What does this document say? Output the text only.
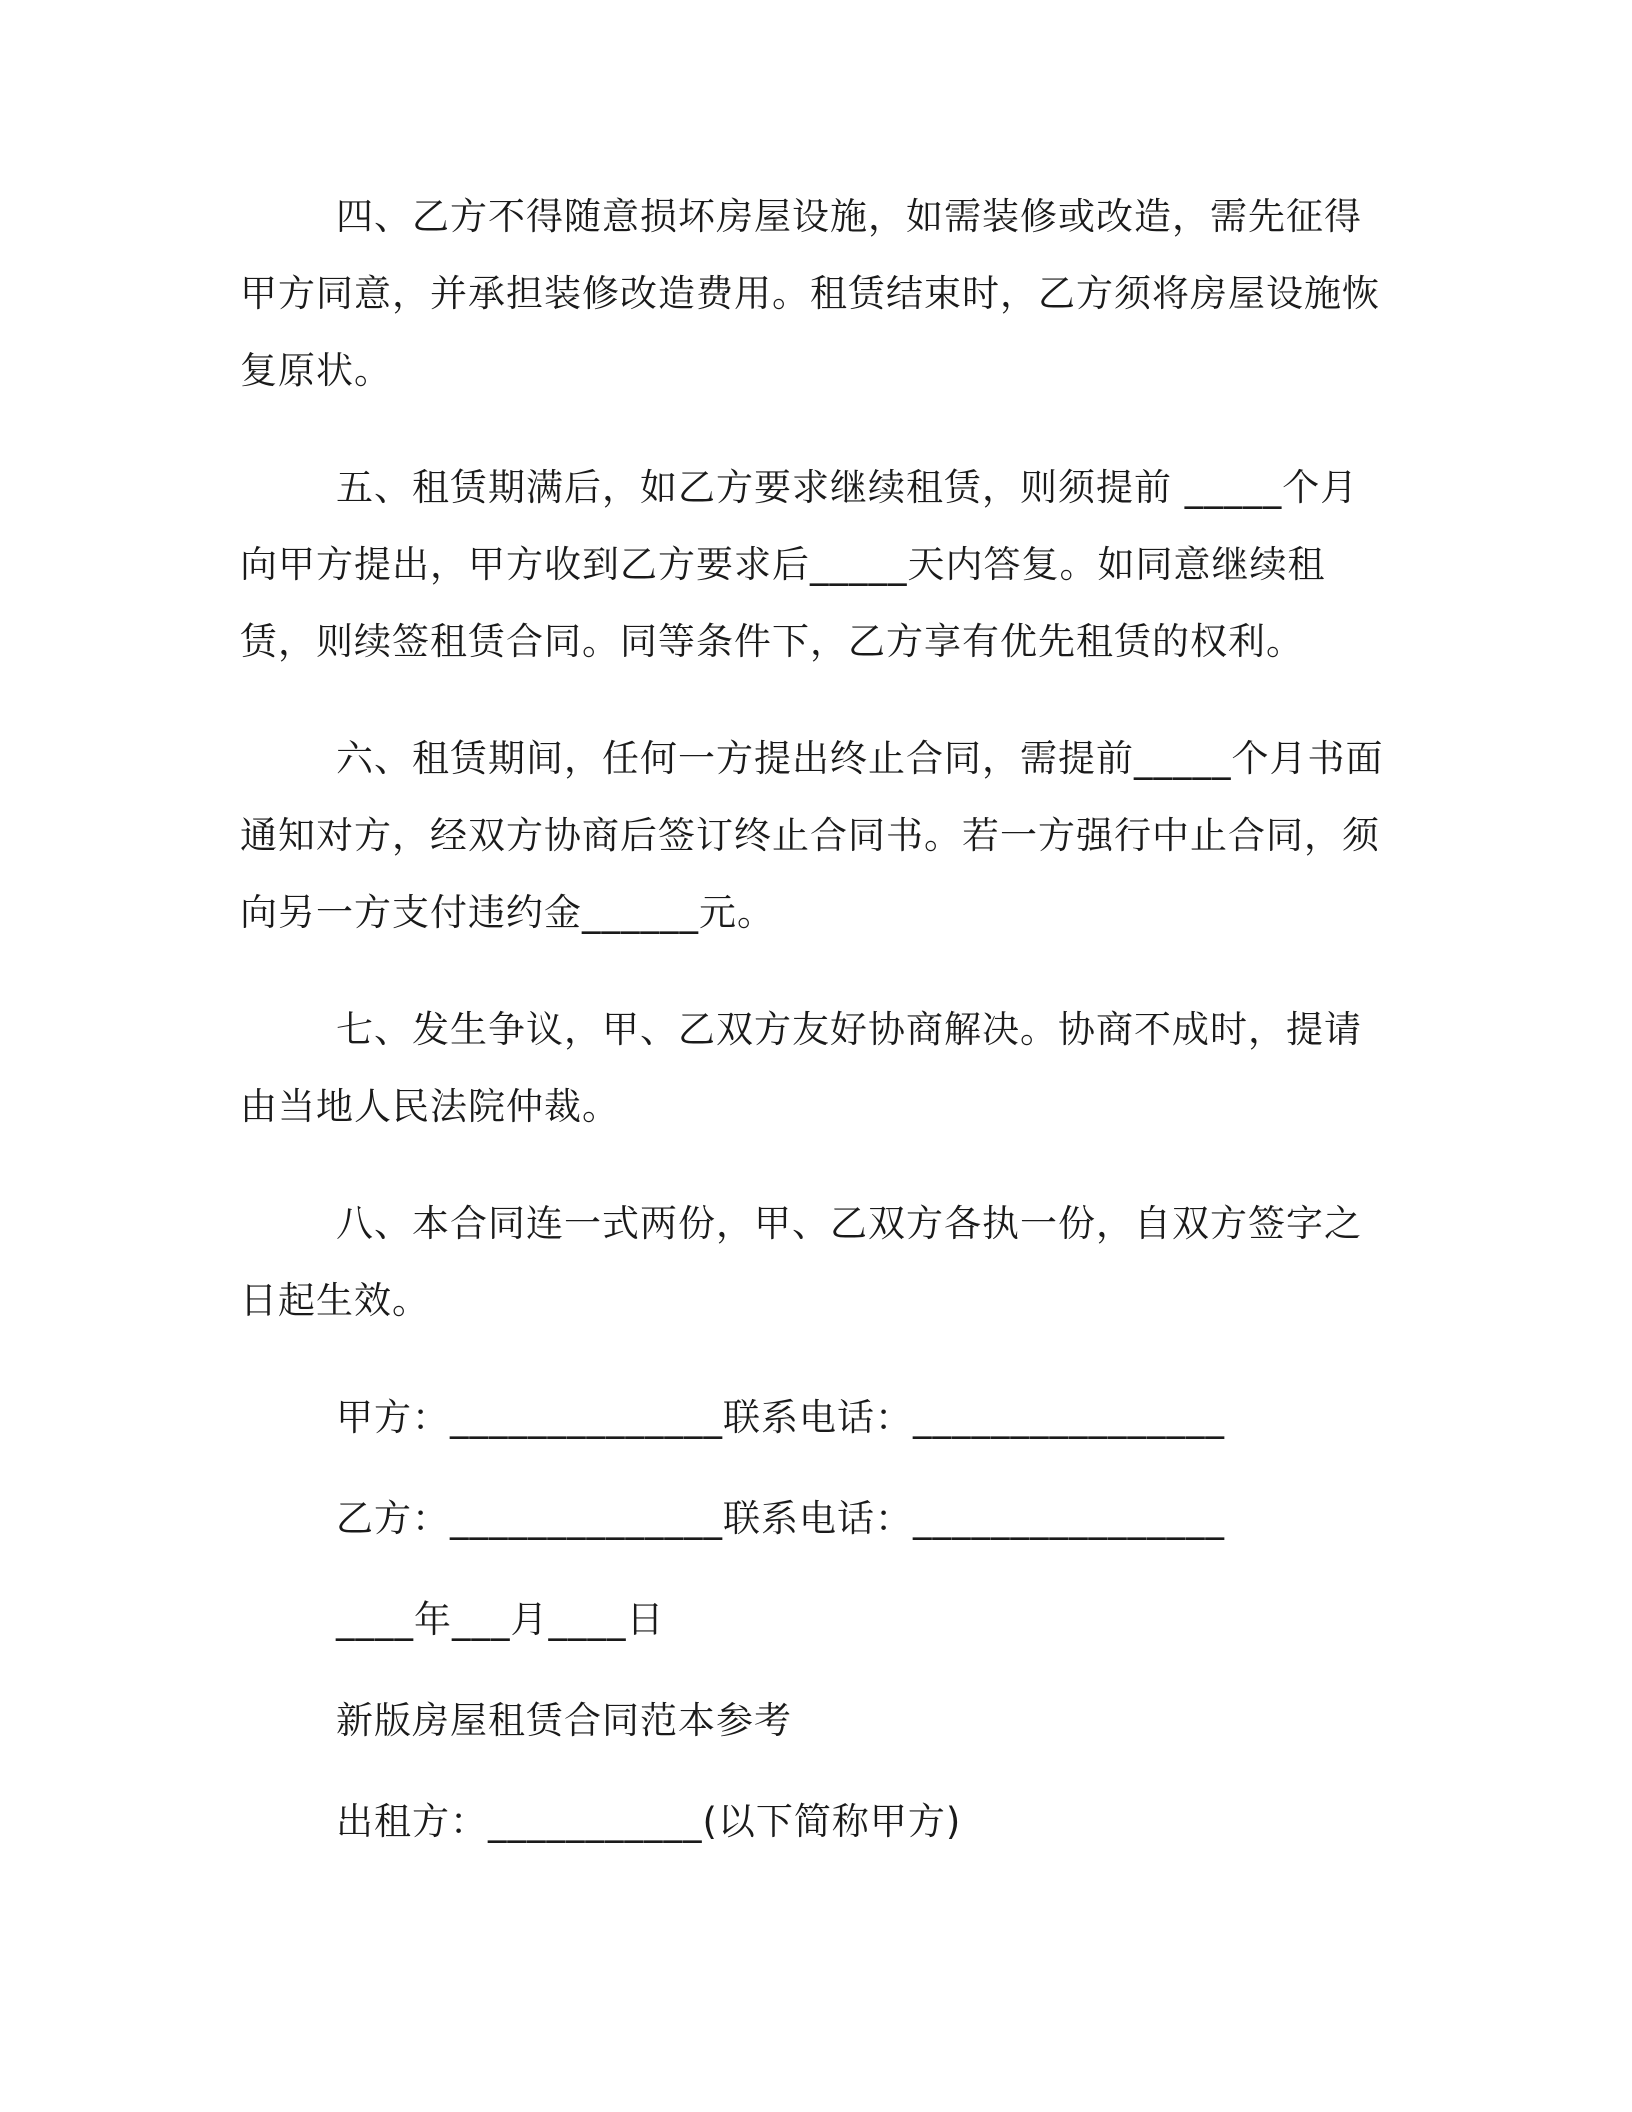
四、乙方不得随意损坏房屋设施，如需装修或改造，需先征得甲方同意，并承担装修改造费用。租赁结束时，乙方须将房屋设施恢复原状。

五、租赁期满后，如乙方要求继续租赁，则须提前 _____个月向甲方提出，甲方收到乙方要求后_____天内答复。如同意继续租赁，则续签租赁合同。同等条件下，乙方享有优先租赁的权利。

六、租赁期间，任何一方提出终止合同，需提前_____个月书面通知对方，经双方协商后签订终止合同书。若一方强行中止合同，须向另一方支付违约金______元。

七、发生争议，甲、乙双方友好协商解决。协商不成时，提请由当地人民法院仲裁。

八、本合同连一式两份，甲、乙双方各执一份，自双方签字之日起生效。

甲方：______________联系电话：________________
乙方：______________联系电话：________________
____年___月____日
新版房屋租赁合同范本参考
出租方：___________(以下简称甲方)
